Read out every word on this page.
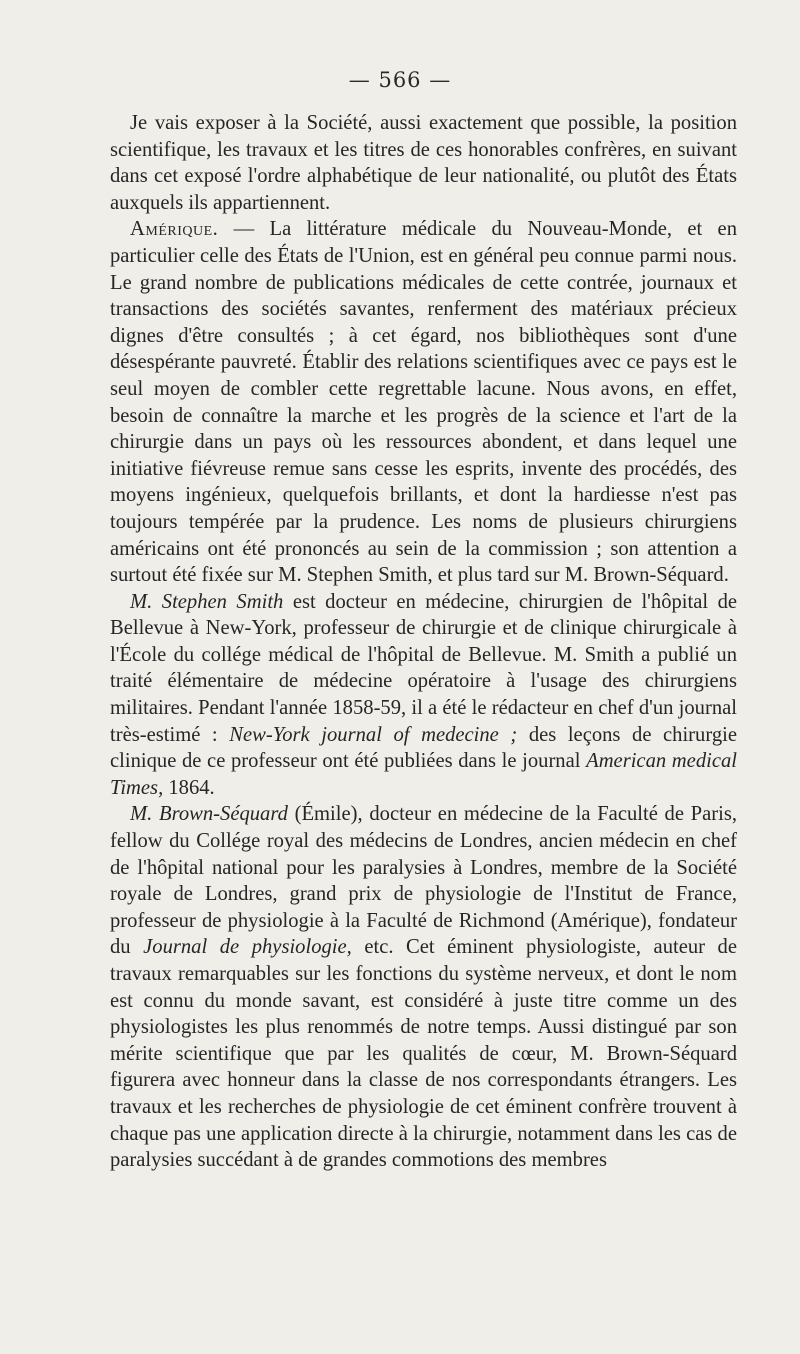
— 566 —

Je vais exposer à la Société, aussi exactement que possible, la position scientifique, les travaux et les titres de ces honorables confrères, en suivant dans cet exposé l'ordre alphabétique de leur nationalité, ou plutôt des États auxquels ils appartiennent.

Amérique. — La littérature médicale du Nouveau-Monde, et en particulier celle des États de l'Union, est en général peu connue parmi nous. Le grand nombre de publications médicales de cette contrée, journaux et transactions des sociétés savantes, renferment des matériaux précieux dignes d'être consultés ; à cet égard, nos bibliothèques sont d'une désespérante pauvreté. Établir des relations scientifiques avec ce pays est le seul moyen de combler cette regrettable lacune. Nous avons, en effet, besoin de connaître la marche et les progrès de la science et l'art de la chirurgie dans un pays où les ressources abondent, et dans lequel une initiative fiévreuse remue sans cesse les esprits, invente des procédés, des moyens ingénieux, quelquefois brillants, et dont la hardiesse n'est pas toujours tempérée par la prudence. Les noms de plusieurs chirurgiens américains ont été prononcés au sein de la commission ; son attention a surtout été fixée sur M. Stephen Smith, et plus tard sur M. Brown-Séquard.

M. Stephen Smith est docteur en médecine, chirurgien de l'hôpital de Bellevue à New-York, professeur de chirurgie et de clinique chirurgicale à l'École du collége médical de l'hôpital de Bellevue. M. Smith a publié un traité élémentaire de médecine opératoire à l'usage des chirurgiens militaires. Pendant l'année 1858-59, il a été le rédacteur en chef d'un journal très-estimé : New-York journal of medecine ; des leçons de chirurgie clinique de ce professeur ont été publiées dans le journal American medical Times, 1864.

M. Brown-Séquard (Émile), docteur en médecine de la Faculté de Paris, fellow du Collége royal des médecins de Londres, ancien médecin en chef de l'hôpital national pour les paralysies à Londres, membre de la Société royale de Londres, grand prix de physiologie de l'Institut de France, professeur de physiologie à la Faculté de Richmond (Amérique), fondateur du Journal de physiologie, etc. Cet éminent physiologiste, auteur de travaux remarquables sur les fonctions du système nerveux, et dont le nom est connu du monde savant, est considéré à juste titre comme un des physiologistes les plus renommés de notre temps. Aussi distingué par son mérite scientifique que par les qualités de cœur, M. Brown-Séquard figurera avec honneur dans la classe de nos correspondants étrangers. Les travaux et les recherches de physiologie de cet éminent confrère trouvent à chaque pas une application directe à la chirurgie, notamment dans les cas de paralysies succédant à de grandes commotions des membres
